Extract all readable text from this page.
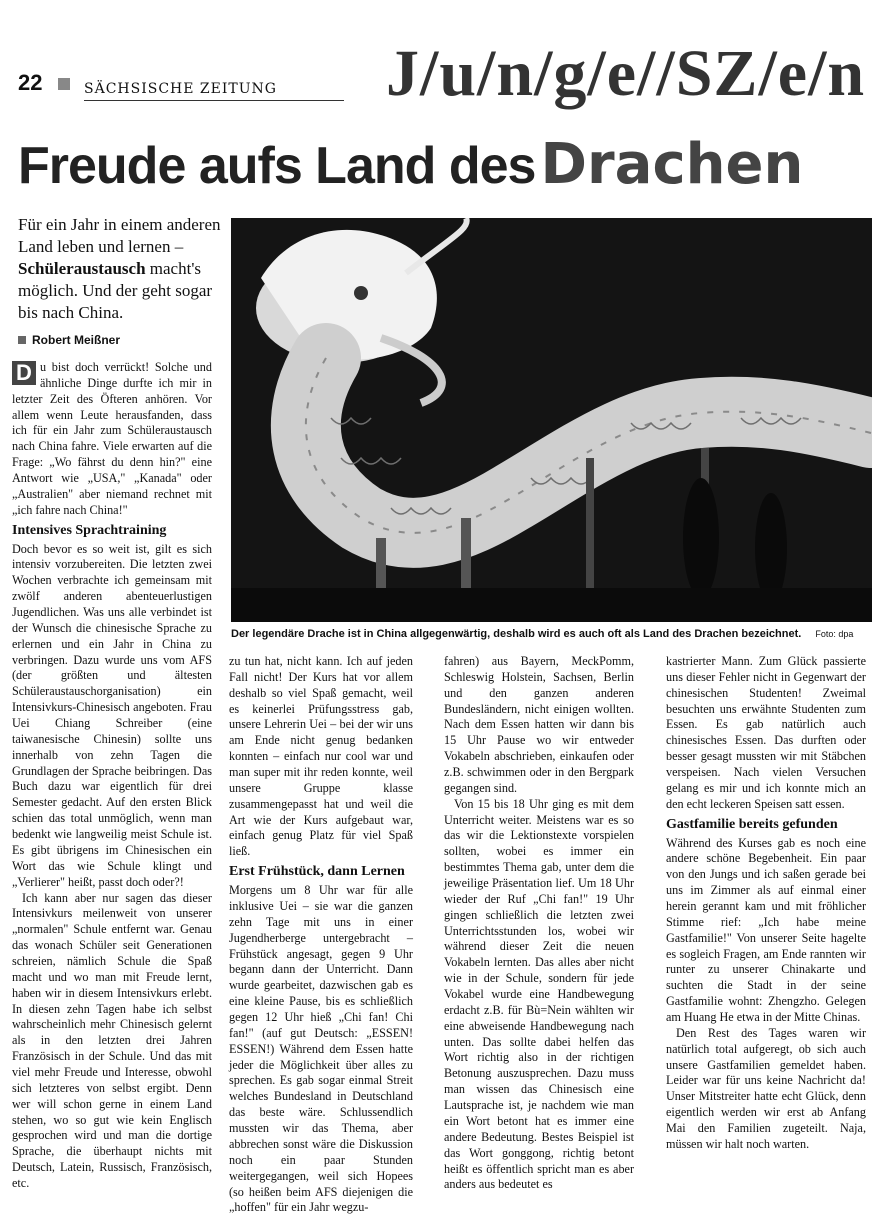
22	SÄCHSISCHE ZEITUNG J/u/n/g/e//SZ/e/n
Freude aufs Land des Drachen
Für ein Jahr in einem anderen Land leben und lernen – Schüleraustausch macht's möglich. Und der geht sogar bis nach China.
Robert Meißner
Der legendäre Drache ist in China allgegenwärtig, deshalb wird es auch oft als Land des Drachen bezeichnet. Foto: dpa

D u bist doch verrückt! Solche und ähnliche Dinge durfte ich mir in letzter Zeit des Öfteren anhören. Vor allem wenn Leute herausfanden, dass ich für ein Jahr zum Schüleraustausch nach China fahre. Viele erwarten auf die Frage: „Wo fährst du denn hin?" eine Antwort wie „USA," „Kanada" oder „Australien" aber niemand rechnet mit „ich fahre nach China!"

Intensives Sprachtraining

Doch bevor es so weit ist, gilt es sich intensiv vorzubereiten. Die letzten zwei Wochen verbrachte ich gemeinsam mit zwölf anderen abenteuerlustigen Jugendlichen. Was uns alle verbindet ist der Wunsch die chinesische Sprache zu erlernen und ein Jahr in China zu verbringen. Dazu wurde uns vom AFS (der größten und ältesten Schüleraustauschorganisation) ein Intensivkurs-Chinesisch angeboten. Frau Uei Chiang Schreiber (eine taiwanesische Chinesin) sollte uns innerhalb von zehn Tagen die Grundlagen der Sprache beibringen. Das Buch dazu war eigentlich für drei Semester gedacht. Auf den ersten Blick schien das total unmöglich, wenn man bedenkt wie langweilig meist Schule ist. Es gibt übrigens im Chinesischen ein Wort das wie Schule klingt und „Verlierer" heißt, passt doch oder?!

Ich kann aber nur sagen das dieser Intensivkurs meilenweit von unserer „normalen" Schule entfernt war. Genau das wonach Schüler seit Generationen schreien, nämlich Schule die Spaß macht und wo man mit Freude lernt, haben wir in diesem Intensivkurs erlebt. In diesen zehn Tagen habe ich selbst wahrscheinlich mehr Chinesisch gelernt als in den letzten drei Jahren Französisch in der Schule. Und das mit viel mehr Freude und Interesse, obwohl sich letzteres von selbst ergibt. Denn wer will schon gerne in einem Land stehen, wo so gut wie kein Englisch gesprochen wird und man die dortige Sprache, die überhaupt nichts mit Deutsch, Latein, Russisch, Französisch, etc.

zu tun hat, nicht kann. Ich auf jeden Fall nicht! Der Kurs hat vor allem deshalb so viel Spaß gemacht, weil es keinerlei Prüfungsstress gab, unsere Lehrerin Uei – bei der wir uns am Ende nicht genug bedanken konnten – einfach nur cool war und man super mit ihr reden konnte, weil unsere Gruppe klasse zusammengepasst hat und weil die Art wie der Kurs aufgebaut war, einfach genug Platz für viel Spaß ließ.

Erst Frühstück, dann Lernen

Morgens um 8 Uhr war für alle inklusive Uei – sie war die ganzen zehn Tage mit uns in einer Jugendherberge untergebracht – Frühstück angesagt, gegen 9 Uhr begann dann der Unterricht. Dann wurde gearbeitet, dazwischen gab es eine kleine Pause, bis es schließlich gegen 12 Uhr hieß „Chi fan! Chi fan!" (auf gut Deutsch: „ESSEN! ESSEN!) Während dem Essen hatte jeder die Möglichkeit über alles zu sprechen. Es gab sogar einmal Streit welches Bundesland in Deutschland das beste wäre. Schlussendlich mussten wir das Thema, aber abbrechen sonst wäre die Diskussion noch ein paar Stunden weitergegangen, weil sich Hopees (so heißen beim AFS diejenigen die „hoffen" für ein Jahr wegzu-

fahren) aus Bayern, MeckPomm, Schleswig Holstein, Sachsen, Berlin und den ganzen anderen Bundesländern, nicht einigen wollten. Nach dem Essen hatten wir dann bis 15 Uhr Pause wo wir entweder Vokabeln abschrieben, einkaufen oder z.B. schwimmen oder in den Bergpark gegangen sind.

Von 15 bis 18 Uhr ging es mit dem Unterricht weiter. Meistens war es so das wir die Lektionstexte vorspielen sollten, wobei es immer ein bestimmtes Thema gab, unter dem die jeweilige Präsentation lief. Um 18 Uhr wieder der Ruf „Chi fan!" 19 Uhr gingen schließlich die letzten zwei Unterrichtsstunden los, wobei wir während dieser Zeit die neuen Vokabeln lernten. Das alles aber nicht wie in der Schule, sondern für jede Vokabel wurde eine Handbewegung erdacht z.B. für Bù=Nein wählten wir eine abweisende Handbewegung nach unten. Das sollte dabei helfen das Wort richtig also in der richtigen Betonung auszusprechen. Dazu muss man wissen das Chinesisch eine Lautsprache ist, je nachdem wie man ein Wort betont hat es immer eine andere Bedeutung. Bestes Beispiel ist das Wort gonggong, richtig betont heißt es öffentlich spricht man es aber anders aus bedeutet es

kastrierter Mann. Zum Glück passierte uns dieser Fehler nicht in Gegenwart der chinesischen Studenten! Zweimal besuchten uns erwähnte Studenten zum Essen. Es gab natürlich auch chinesisches Essen. Das durften oder besser gesagt mussten wir mit Stäbchen verspeisen. Nach vielen Versuchen gelang es mir und ich konnte mich an den echt leckeren Speisen satt essen.

Gastfamilie bereits gefunden

Während des Kurses gab es noch eine andere schöne Begebenheit. Ein paar von den Jungs und ich saßen gerade bei uns im Zimmer als auf einmal einer herein gerannt kam und mit fröhlicher Stimme rief: „Ich habe meine Gastfamilie!" Von unserer Seite hagelte es sogleich Fragen, am Ende rannten wir runter zu unserer Chinakarte und suchten die Stadt in der seine Gastfamilie wohnt: Zhengzho. Gelegen am Huang He etwa in der Mitte Chinas.

Den Rest des Tages waren wir natürlich total aufgeregt, ob sich auch unsere Gastfamilien gemeldet haben. Leider war für uns keine Nachricht da! Unser Mitstreiter hatte echt Glück, denn eigentlich werden wir erst ab Anfang Mai den Familien zugeteilt. Naja, müssen wir halt noch warten.
